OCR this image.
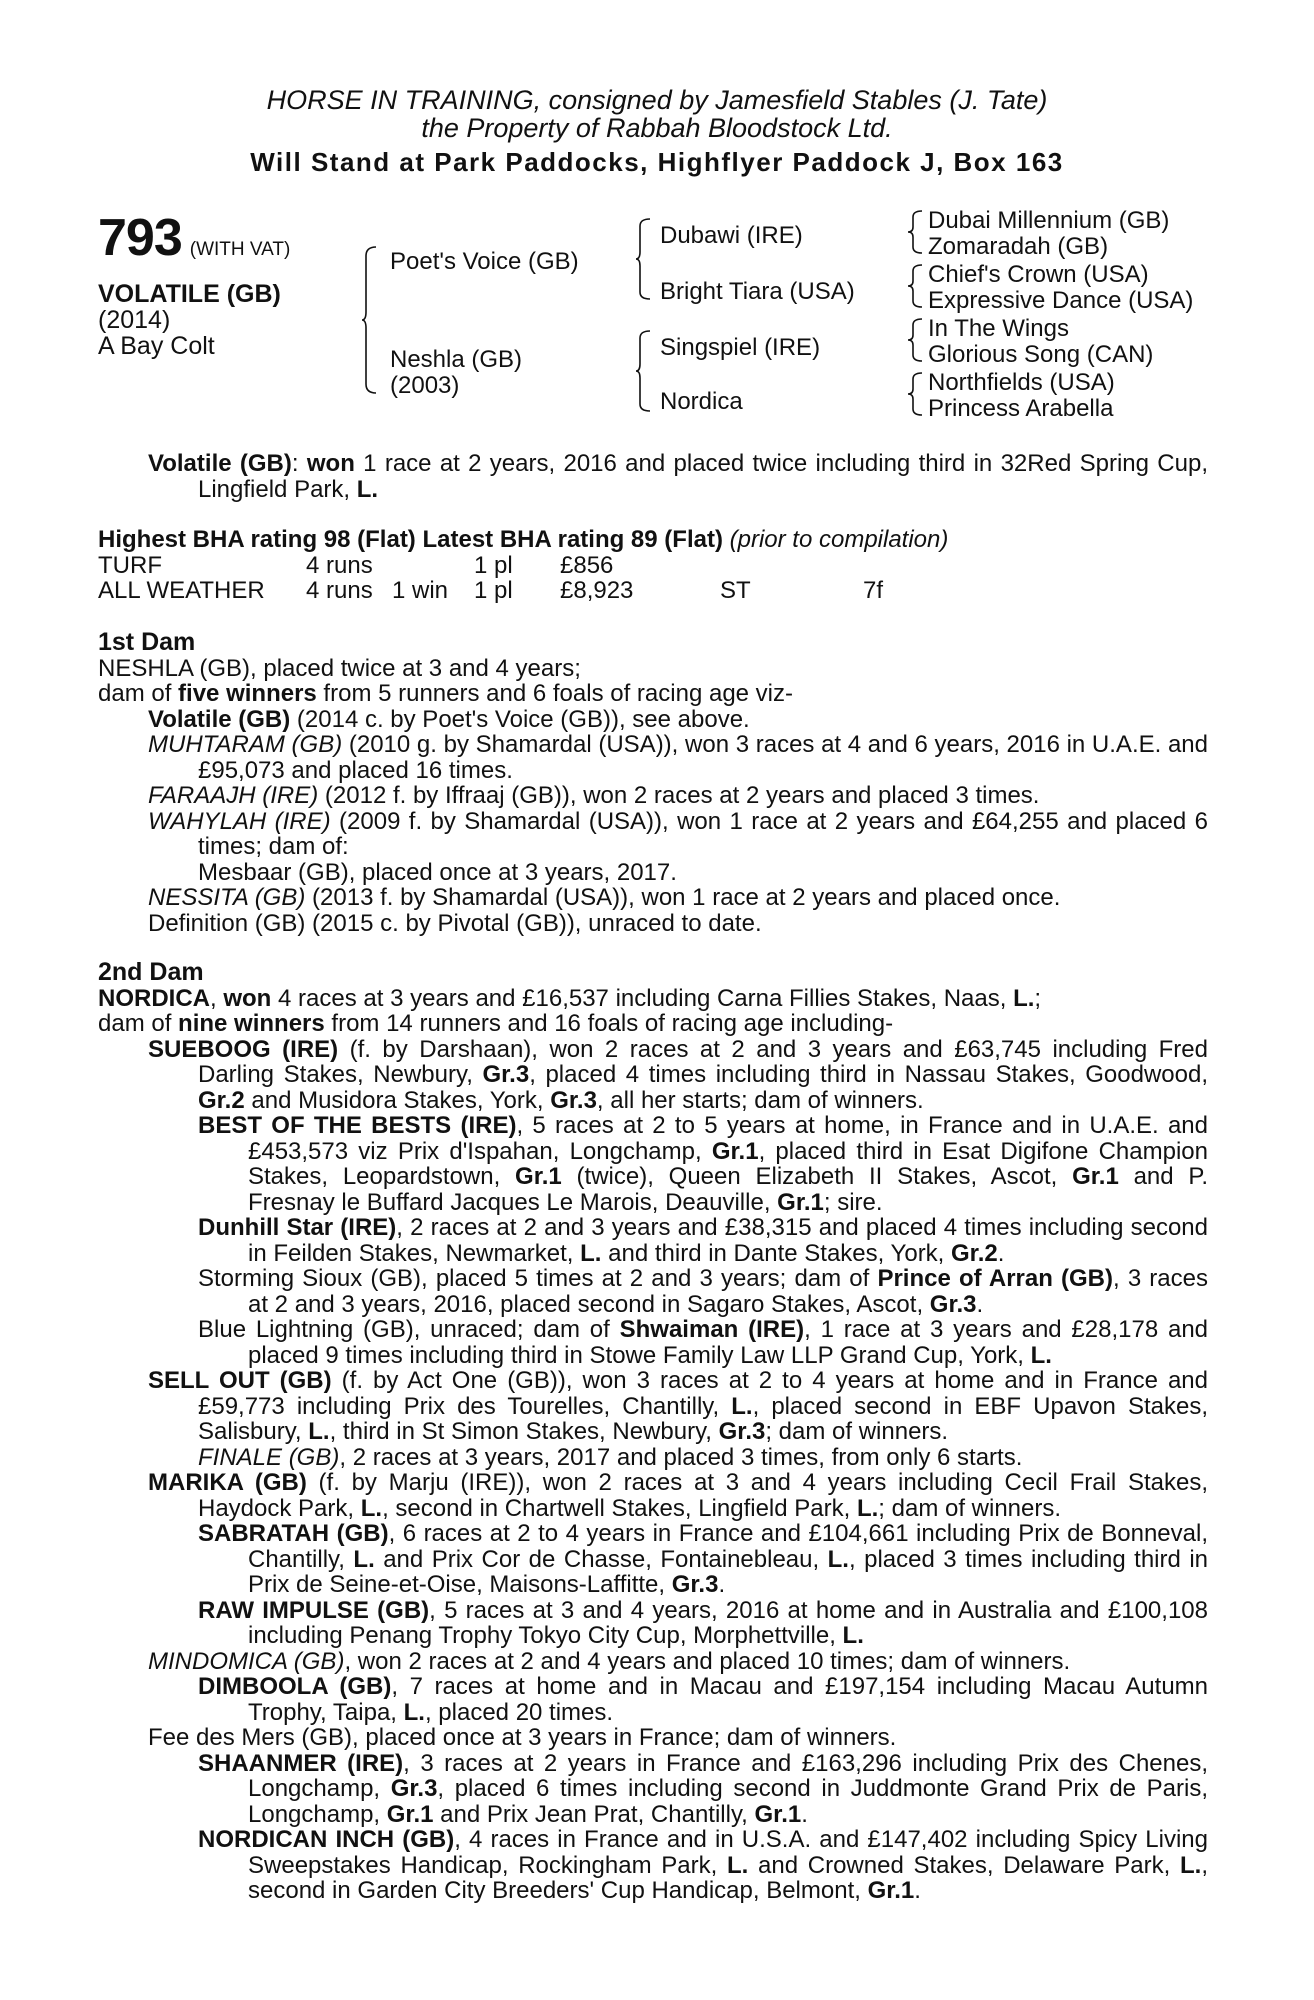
HORSE IN TRAINING, consigned by Jamesfield Stables (J. Tate)
the Property of Rabbah Bloodstock Ltd.
Will Stand at Park Paddocks, Highflyer Paddock J, Box 163
793 (WITH VAT)
VOLATILE (GB)
(2014)
A Bay Colt
Poet's Voice (GB)
Neshla (GB)
(2003)
Dubawi (IRE)
Bright Tiara (USA)
Singspiel (IRE)
Nordica
Dubai Millennium (GB)
Zomaradah (GB)
Chief's Crown (USA)
Expressive Dance (USA)
In The Wings
Glorious Song (CAN)
Northfields (USA)
Princess Arabella

Volatile (GB): won 1 race at 2 years, 2016 and placed twice including third in 32Red Spring Cup, Lingfield Park, L.

Highest BHA rating 98 (Flat) Latest BHA rating 89 (Flat) (prior to compilation)

TURF	4 runs	1 pl £856
ALL WEATHER 4 runs 1 win 1 pl £8,923	ST	7f

1st Dam

NESHLA (GB), placed twice at 3 and 4 years;

dam of five winners from 5 runners and 6 foals of racing age viz-

Volatile (GB) (2014 c. by Poet's Voice (GB)), see above.

MUHTARAM (GB) (2010 g. by Shamardal (USA)), won 3 races at 4 and 6 years, 2016 in U.A.E. and £95,073 and placed 16 times.

FARAAJH (IRE) (2012 f. by Iffraaj (GB)), won 2 races at 2 years and placed 3 times.

WAHYLAH (IRE) (2009 f. by Shamardal (USA)), won 1 race at 2 years and £64,255 and placed 6 times; dam of:

Mesbaar (GB), placed once at 3 years, 2017.

NESSITA (GB) (2013 f. by Shamardal (USA)), won 1 race at 2 years and placed once.

Definition (GB) (2015 c. by Pivotal (GB)), unraced to date.

2nd Dam

NORDICA, won 4 races at 3 years and £16,537 including Carna Fillies Stakes, Naas, L.;

dam of nine winners from 14 runners and 16 foals of racing age including-

SUEBOOG (IRE) (f. by Darshaan), won 2 races at 2 and 3 years and £63,745 including Fred Darling Stakes, Newbury, Gr.3, placed 4 times including third in Nassau Stakes, Goodwood, Gr.2 and Musidora Stakes, York, Gr.3, all her starts; dam of winners.

BEST OF THE BESTS (IRE), 5 races at 2 to 5 years at home, in France and in U.A.E. and £453,573 viz Prix d'Ispahan, Longchamp, Gr.1, placed third in Esat Digifone Champion Stakes, Leopardstown, Gr.1 (twice), Queen Elizabeth II Stakes, Ascot, Gr.1 and P. Fresnay le Buffard Jacques Le Marois, Deauville, Gr.1; sire.

Dunhill Star (IRE), 2 races at 2 and 3 years and £38,315 and placed 4 times including second in Feilden Stakes, Newmarket, L. and third in Dante Stakes, York, Gr.2.

Storming Sioux (GB), placed 5 times at 2 and 3 years; dam of Prince of Arran (GB), 3 races at 2 and 3 years, 2016, placed second in Sagaro Stakes, Ascot, Gr.3.

Blue Lightning (GB), unraced; dam of Shwaiman (IRE), 1 race at 3 years and £28,178 and placed 9 times including third in Stowe Family Law LLP Grand Cup, York, L.

SELL OUT (GB) (f. by Act One (GB)), won 3 races at 2 to 4 years at home and in France and £59,773 including Prix des Tourelles, Chantilly, L., placed second in EBF Upavon Stakes, Salisbury, L., third in St Simon Stakes, Newbury, Gr.3; dam of winners.

FINALE (GB), 2 races at 3 years, 2017 and placed 3 times, from only 6 starts.

MARIKA (GB) (f. by Marju (IRE)), won 2 races at 3 and 4 years including Cecil Frail Stakes, Haydock Park, L., second in Chartwell Stakes, Lingfield Park, L.; dam of winners.

SABRATAH (GB), 6 races at 2 to 4 years in France and £104,661 including Prix de Bonneval, Chantilly, L. and Prix Cor de Chasse, Fontainebleau, L., placed 3 times including third in Prix de Seine-et-Oise, Maisons-Laffitte, Gr.3.

RAW IMPULSE (GB), 5 races at 3 and 4 years, 2016 at home and in Australia and £100,108 including Penang Trophy Tokyo City Cup, Morphettville, L.

MINDOMICA (GB), won 2 races at 2 and 4 years and placed 10 times; dam of winners.

DIMBOOLA (GB), 7 races at home and in Macau and £197,154 including Macau Autumn Trophy, Taipa, L., placed 20 times.

Fee des Mers (GB), placed once at 3 years in France; dam of winners.

SHAANMER (IRE), 3 races at 2 years in France and £163,296 including Prix des Chenes, Longchamp, Gr.3, placed 6 times including second in Juddmonte Grand Prix de Paris, Longchamp, Gr.1 and Prix Jean Prat, Chantilly, Gr.1.

NORDICAN INCH (GB), 4 races in France and in U.S.A. and £147,402 including Spicy Living Sweepstakes Handicap, Rockingham Park, L. and Crowned Stakes, Delaware Park, L., second in Garden City Breeders' Cup Handicap, Belmont, Gr.1.
